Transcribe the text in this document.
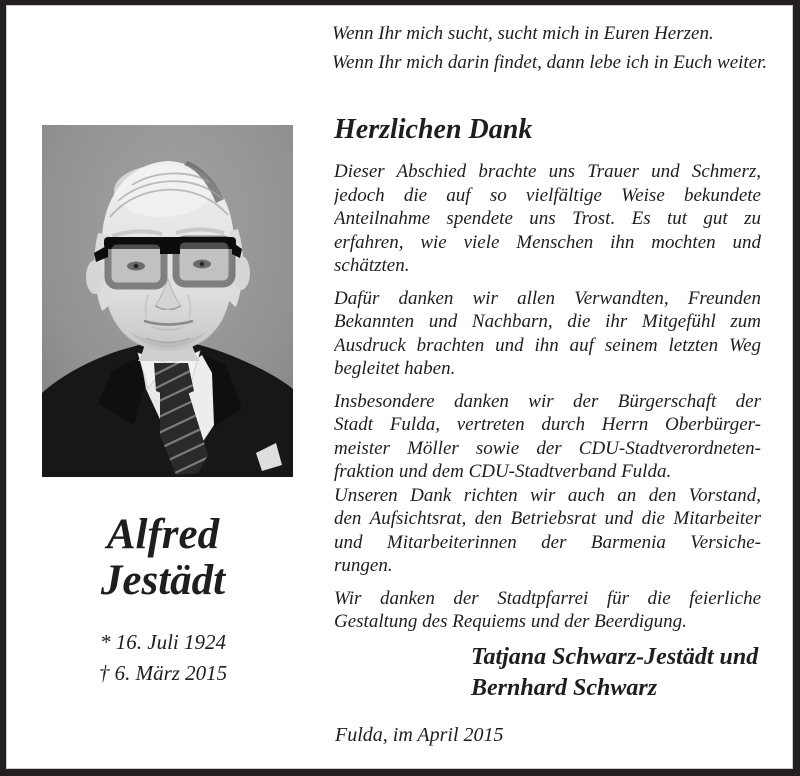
Wenn Ihr mich sucht, sucht mich in Euren Herzen.
Wenn Ihr mich darin findet, dann lebe ich in Euch weiter.
Herzlichen Dank
Dieser Abschied brachte uns Trauer und Schmerz,
jedoch die auf so vielfältige Weise bekundete
Anteilnahme spendete uns Trost. Es tut gut zu
erfahren, wie viele Menschen ihn mochten und
schätzten.
Dafür danken wir allen Verwandten, Freunden
Bekannten und Nachbarn, die ihr Mitgefühl zum
Ausdruck brachten und ihn auf seinem letzten Weg
begleitet haben.
Insbesondere danken wir der Bürgerschaft der
Stadt Fulda, vertreten durch Herrn Oberbürger-
meister Möller sowie der CDU-Stadtverordneten-
fraktion und dem CDU-Stadtverband Fulda.
Unseren Dank richten wir auch an den Vorstand,
den Aufsichtsrat, den Betriebsrat und die Mitarbeiter
und Mitarbeiterinnen der Barmenia Versiche-
rungen.
Wir danken der Stadtpfarrei für die feierliche
Gestaltung des Requiems und der Beerdigung.
Alfred
Jestädt
* 16. Juli 1924
† 6. März 2015
Tatjana Schwarz-Jestädt und
Bernhard Schwarz
Fulda, im April 2015
